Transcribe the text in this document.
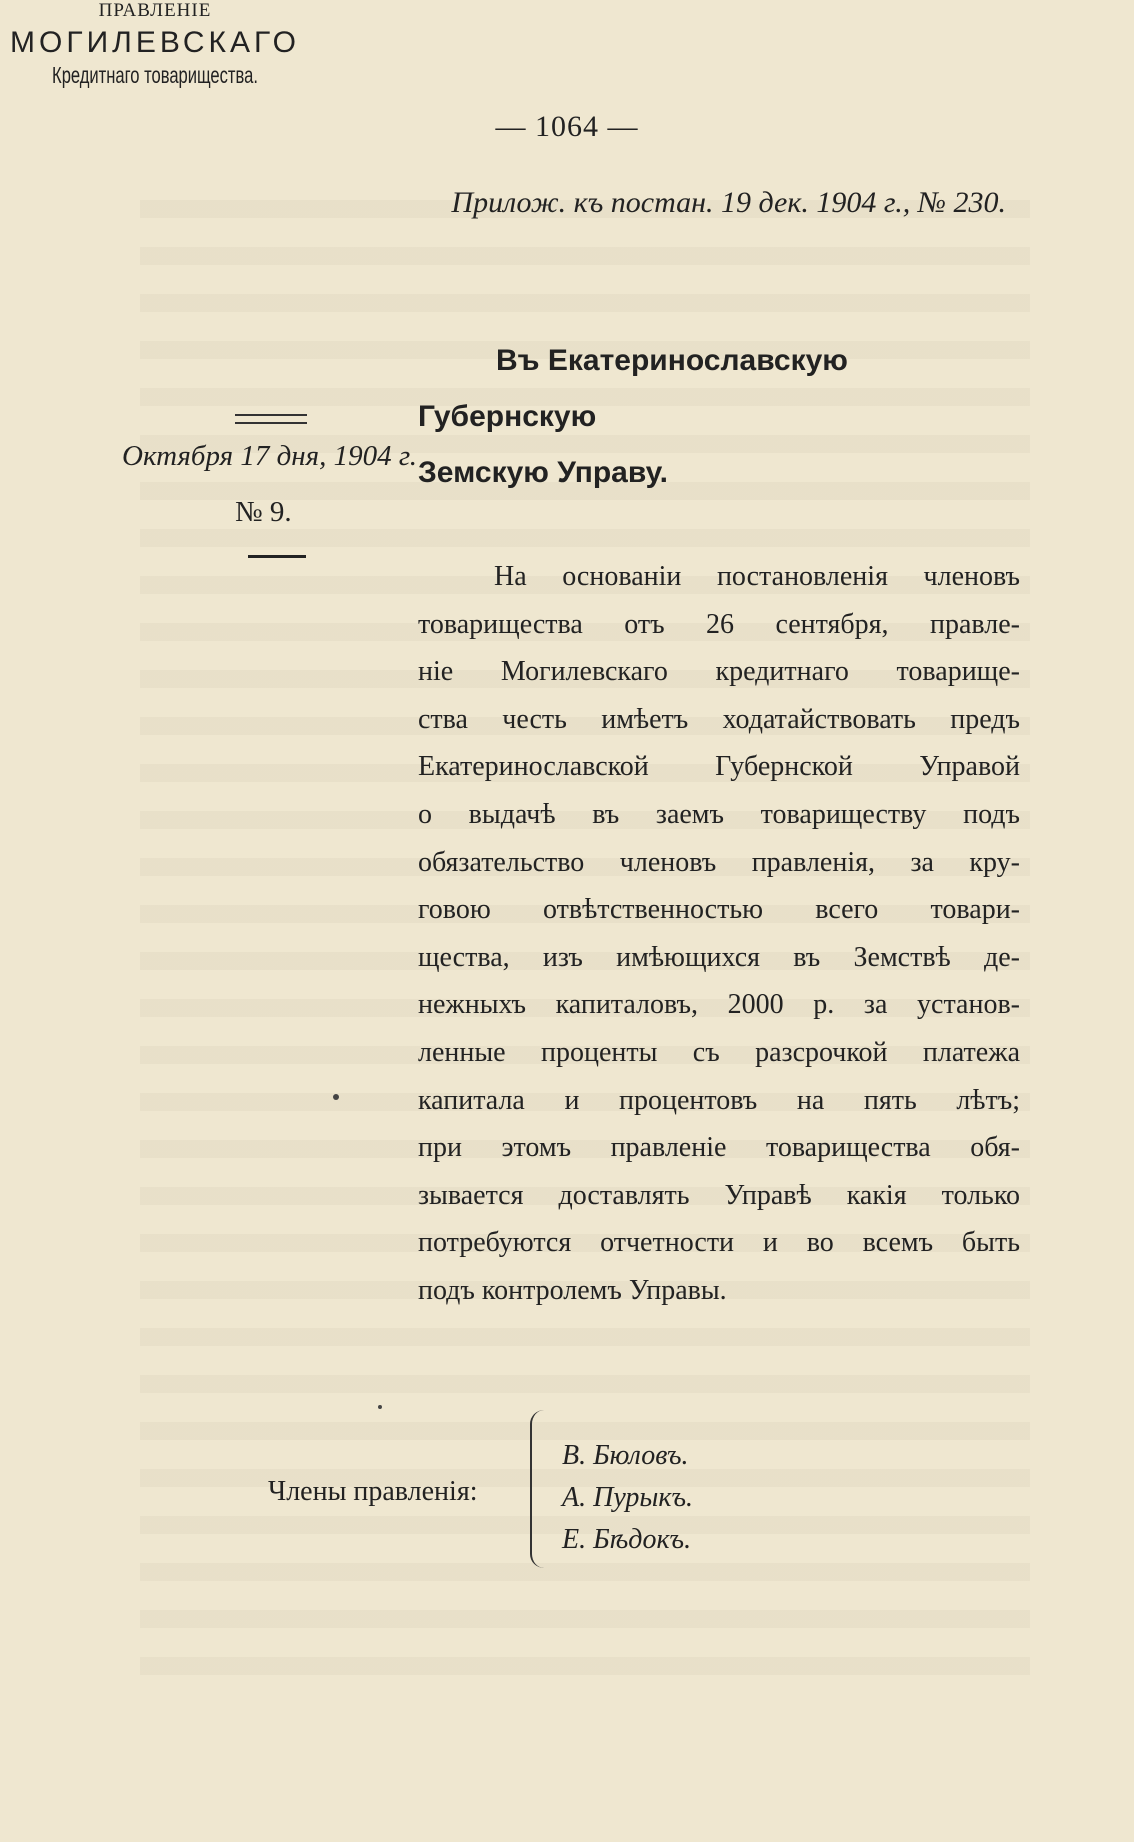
— 1064 —
Прилож. къ постан. 19 дек. 1904 г., № 230.
ПРАВЛЕНІЕ
МОГИЛЕВСКАГО
Кредитнаго товарищества.
Октября 17 дня, 1904 г.
№ 9.
Въ Екатеринославскую Губернскую
Земскую Управу.
На основаніи постановленія членовъ
товарищества отъ 26 сентября, правле-
ніе Могилевскаго кредитнаго товарище-
ства честь имѣетъ ходатайствовать предъ
Екатеринославской Губернской Управой
о выдачѣ въ заемъ товариществу подъ
обязательство членовъ правленія, за кру-
говою отвѣтственностью всего товари-
щества, изъ имѣющихся въ Земствѣ де-
нежныхъ капиталовъ, 2000 р. за установ-
ленные проценты съ разсрочкой платежа
капитала и процентовъ на пять лѣтъ;
при этомъ правленіе товарищества обя-
зывается доставлять Управѣ какія только
потребуются отчетности и во всемъ быть
подъ контролемъ Управы.
Члены правленія:
В. Бюловъ.
А. Пурыкъ.
Е. Бѣдокъ.
